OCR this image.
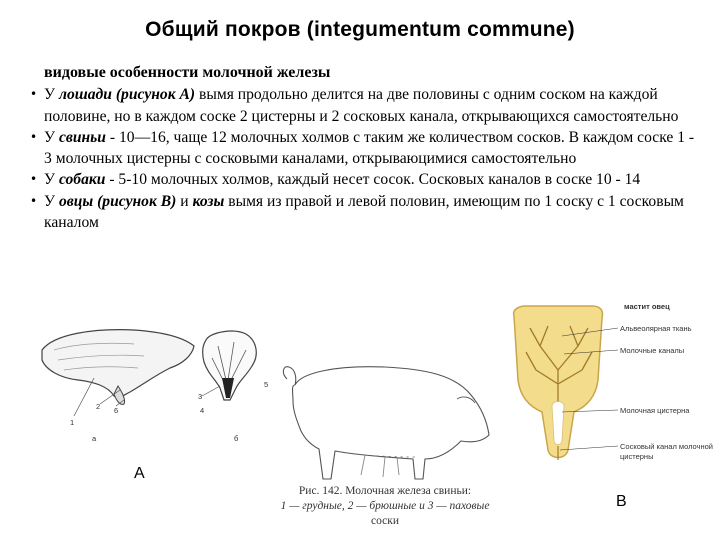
Общий покров (integumentum commune)
видовые особенности молочной железы
• У лошади (рисунок А) вымя продольно делится на две половины с одним соском на каждой половине, но в каждом соске 2 цистерны и 2 сосковых канала, открывающихся самостоятельно
• У свиньи - 10—16, чаще 12 молочных холмов с таким же количеством сосков. В каждом соске 1 - 3 молочных цистерны с сосковыми каналами, открываюцимися самостоятельно
• У собаки - 5-10 молочных холмов, каждый несет сосок. Сосковых каналов в соске 10 - 14
• У овцы (рисунок В) и козы вымя из правой и левой половин, имеющим по 1 соску с 1 сосковым каналом
1
2 6
а
3
4
5
б
А
Рис. 142. Молочная железа свиньи:
1 — грудные, 2 — брюшные и 3 — паховые
соски
мастит овец
Альвеолярная ткань
Молочные каналы
Молочная цистерна
Сосковый канал молочной
цистерны
В
